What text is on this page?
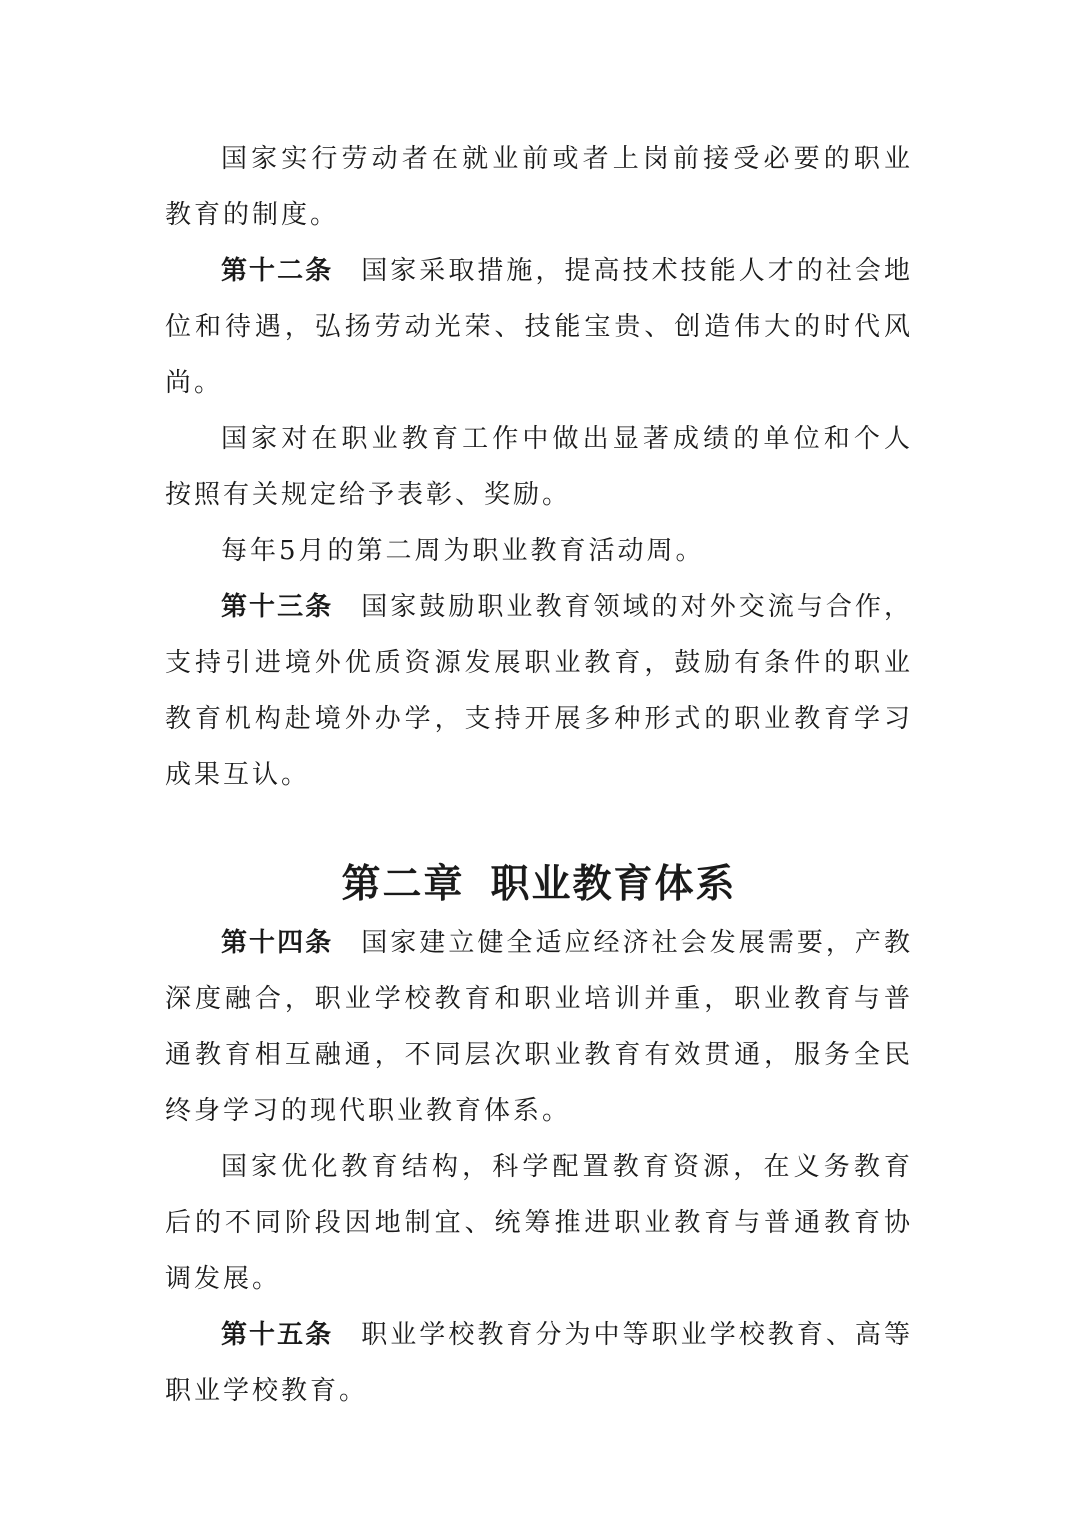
国家实行劳动者在就业前或者上岗前接受必要的职业教育的制度。

第十二条 国家采取措施，提高技术技能人才的社会地位和待遇，弘扬劳动光荣、技能宝贵、创造伟大的时代风尚。

国家对在职业教育工作中做出显著成绩的单位和个人按照有关规定给予表彰、奖励。

每年5月的第二周为职业教育活动周。

第十三条 国家鼓励职业教育领域的对外交流与合作，支持引进境外优质资源发展职业教育，鼓励有条件的职业教育机构赴境外办学，支持开展多种形式的职业教育学习成果互认。

第二章 职业教育体系

第十四条 国家建立健全适应经济社会发展需要，产教深度融合，职业学校教育和职业培训并重，职业教育与普通教育相互融通，不同层次职业教育有效贯通，服务全民终身学习的现代职业教育体系。

国家优化教育结构，科学配置教育资源，在义务教育后的不同阶段因地制宜、统筹推进职业教育与普通教育协调发展。

第十五条 职业学校教育分为中等职业学校教育、高等职业学校教育。
